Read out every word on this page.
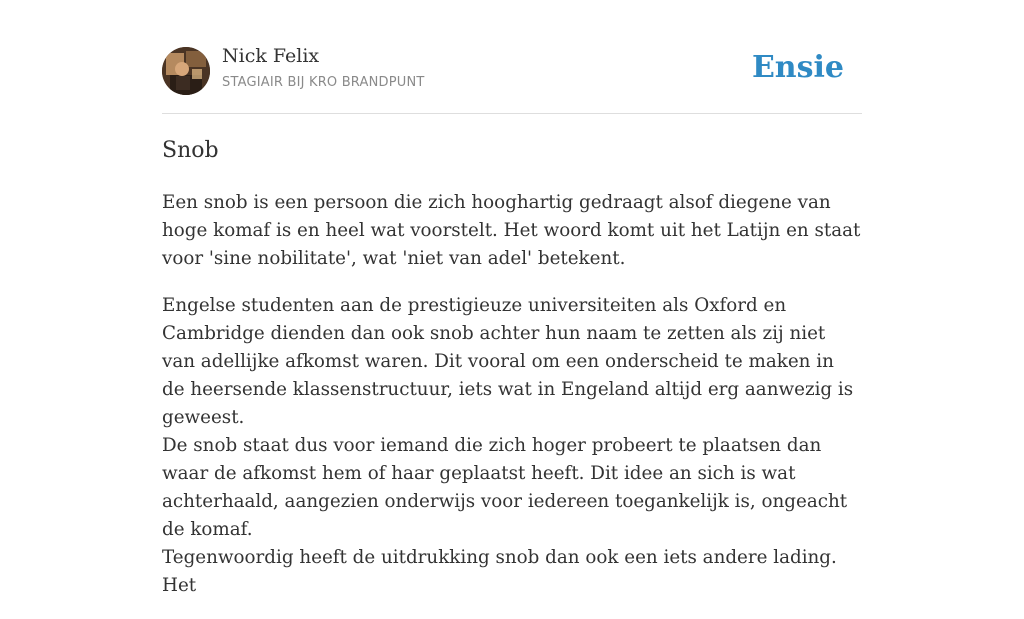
Nick Felix
STAGIAIR BIJ KRO BRANDPUNT	Ensie
Snob

Een snob is een persoon die zich hooghartig gedraagt alsof diegene van hoge komaf is en heel wat voorstelt. Het woord komt uit het Latijn en staat voor 'sine nobilitate', wat 'niet van adel' betekent.

Engelse studenten aan de prestigieuze universiteiten als Oxford en Cambridge dienden dan ook snob achter hun naam te zetten als zij niet van adellijke afkomst waren. Dit vooral om een onderscheid te maken in de heersende klassenstructuur, iets wat in Engeland altijd erg aanwezig is geweest.
De snob staat dus voor iemand die zich hoger probeert te plaatsen dan waar de afkomst hem of haar geplaatst heeft. Dit idee an sich is wat achterhaald, aangezien onderwijs voor iedereen toegankelijk is, ongeacht de komaf.
Tegenwoordig heeft de uitdrukking snob dan ook een iets andere lading. Het
